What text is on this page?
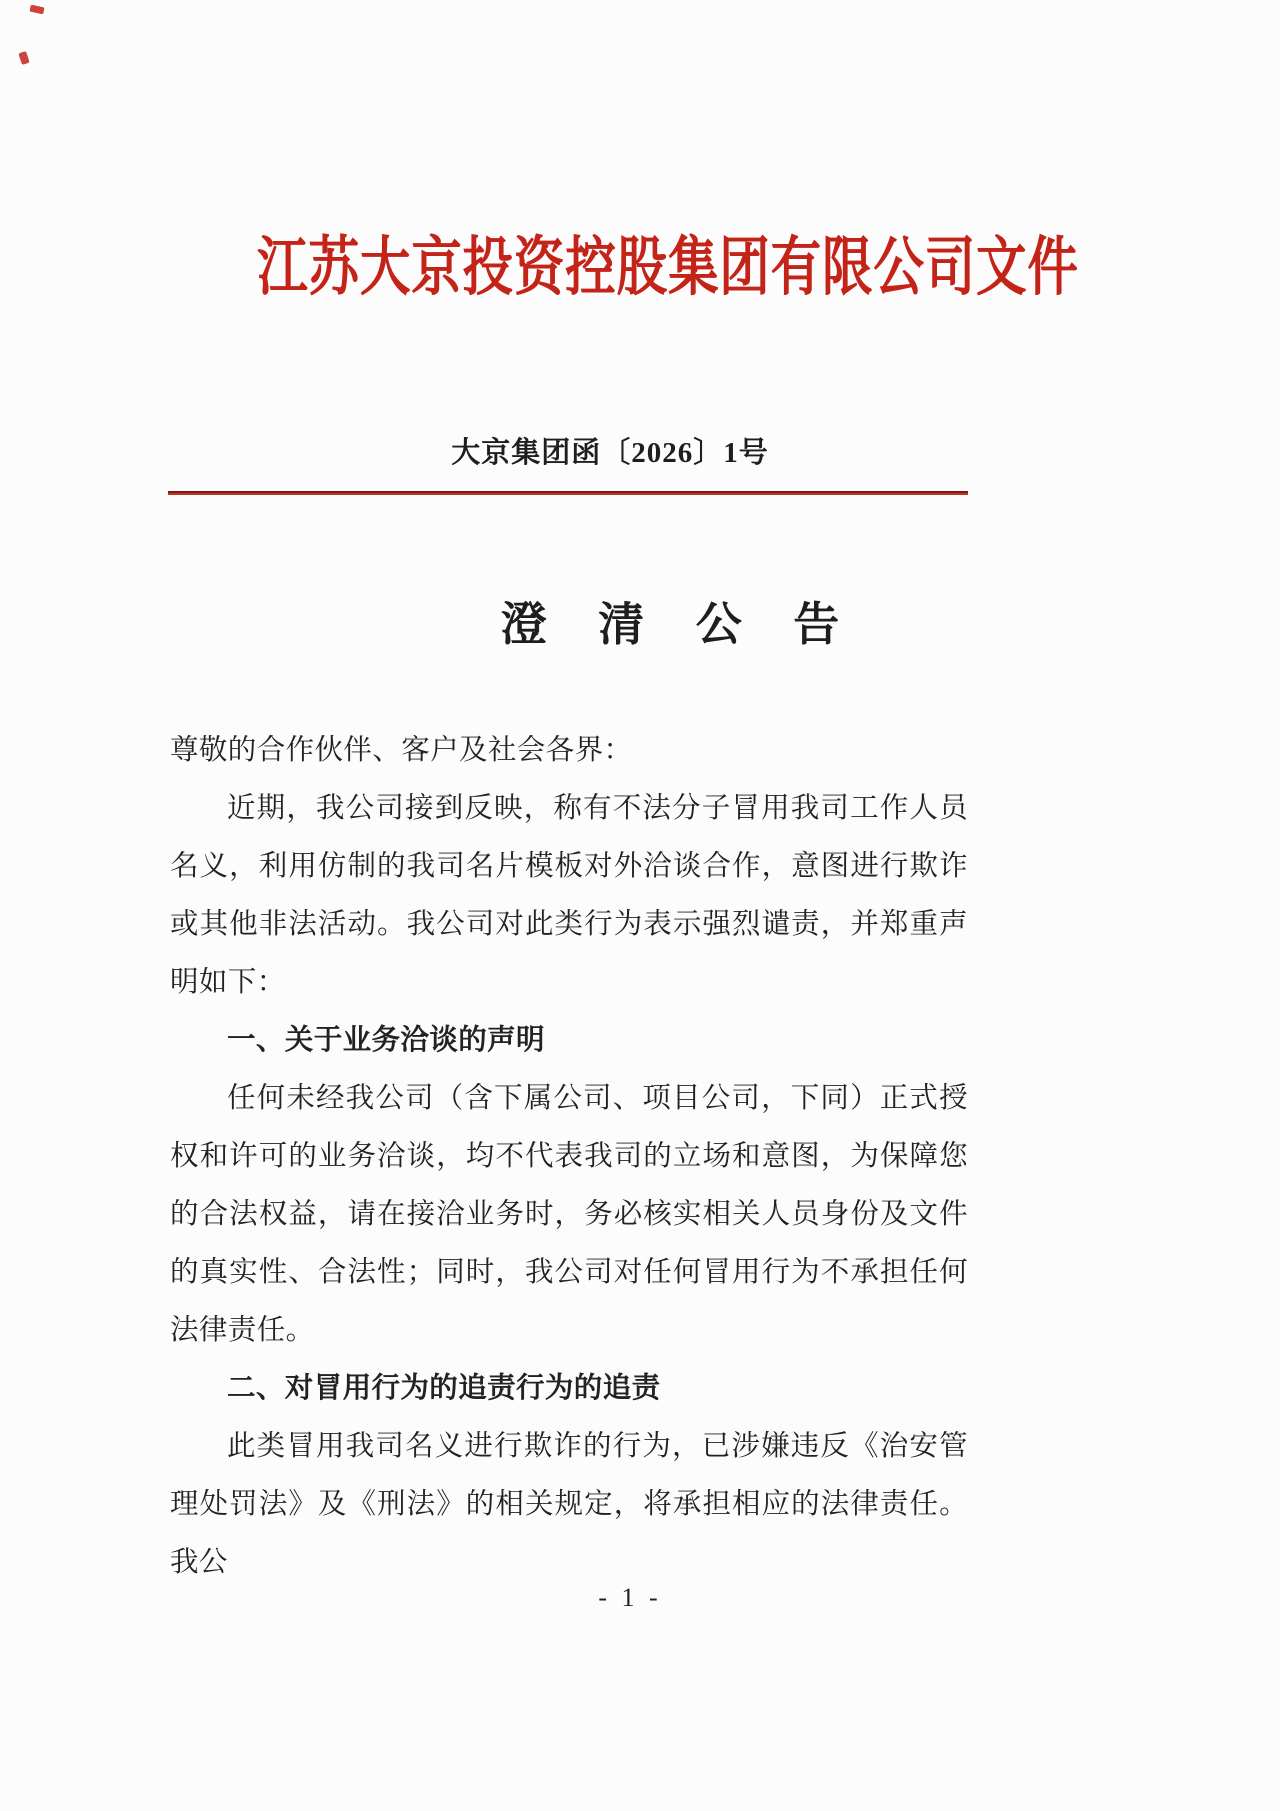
江苏大京投资控股集团有限公司文件
大京集团函〔2026〕1号
澄 清 公 告

尊敬的合作伙伴、客户及社会各界：

近期，我公司接到反映，称有不法分子冒用我司工作人员名义，利用仿制的我司名片模板对外洽谈合作，意图进行欺诈或其他非法活动。我公司对此类行为表示强烈谴责，并郑重声明如下：

一、关于业务洽谈的声明

任何未经我公司（含下属公司、项目公司，下同）正式授权和许可的业务洽谈，均不代表我司的立场和意图，为保障您的合法权益，请在接洽业务时，务必核实相关人员身份及文件的真实性、合法性；同时，我公司对任何冒用行为不承担任何法律责任。

二、对冒用行为的追责行为的追责

此类冒用我司名义进行欺诈的行为，已涉嫌违反《治安管理处罚法》及《刑法》的相关规定，将承担相应的法律责任。我公

- 1 -
